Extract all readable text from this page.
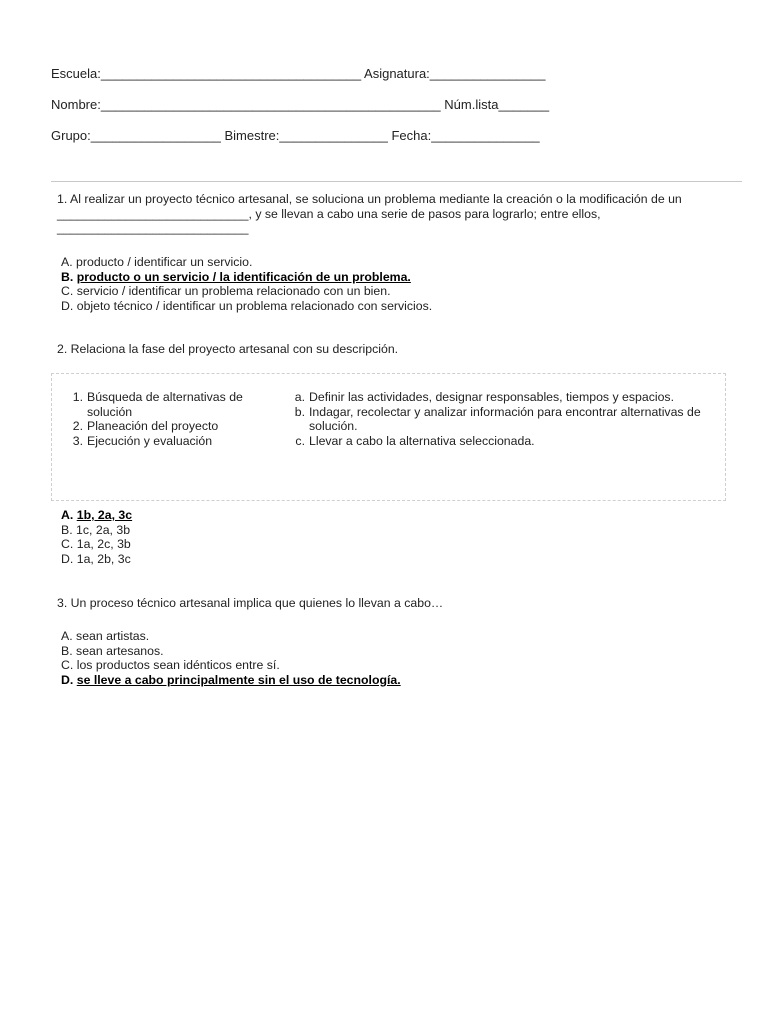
Escuela:____________________________________ Asignatura:________________
Nombre:_______________________________________________ Núm.lista_______
Grupo:__________________ Bimestre:_______________ Fecha:_______________

1. Al realizar un proyecto técnico artesanal, se soluciona un problema mediante la creación o la modificación de un

____________________________, y se llevan a cabo una serie de pasos para lograrlo; entre ellos,

____________________________

A. producto / identificar un servicio.

B. producto o un servicio / la identificación de un problema.

C. servicio / identificar un problema relacionado con un bien.

D. objeto técnico / identificar un problema relacionado con servicios.

2. Relaciona la fase del proyecto artesanal con su descripción.

1. Búsqueda de alternativas de solución
2. Planeación del proyecto
3. Ejecución y evaluación
a. Definir las actividades, designar responsables, tiempos y espacios.
b. Indagar, recolectar y analizar información para encontrar alternativas de solución.
c. Llevar a cabo la alternativa seleccionada.

A. 1b, 2a, 3c

B. 1c, 2a, 3b

C. 1a, 2c, 3b

D. 1a, 2b, 3c

3. Un proceso técnico artesanal implica que quienes lo llevan a cabo…

A. sean artistas.

B. sean artesanos.

C. los productos sean idénticos entre sí.

D. se lleve a cabo principalmente sin el uso de tecnología.
